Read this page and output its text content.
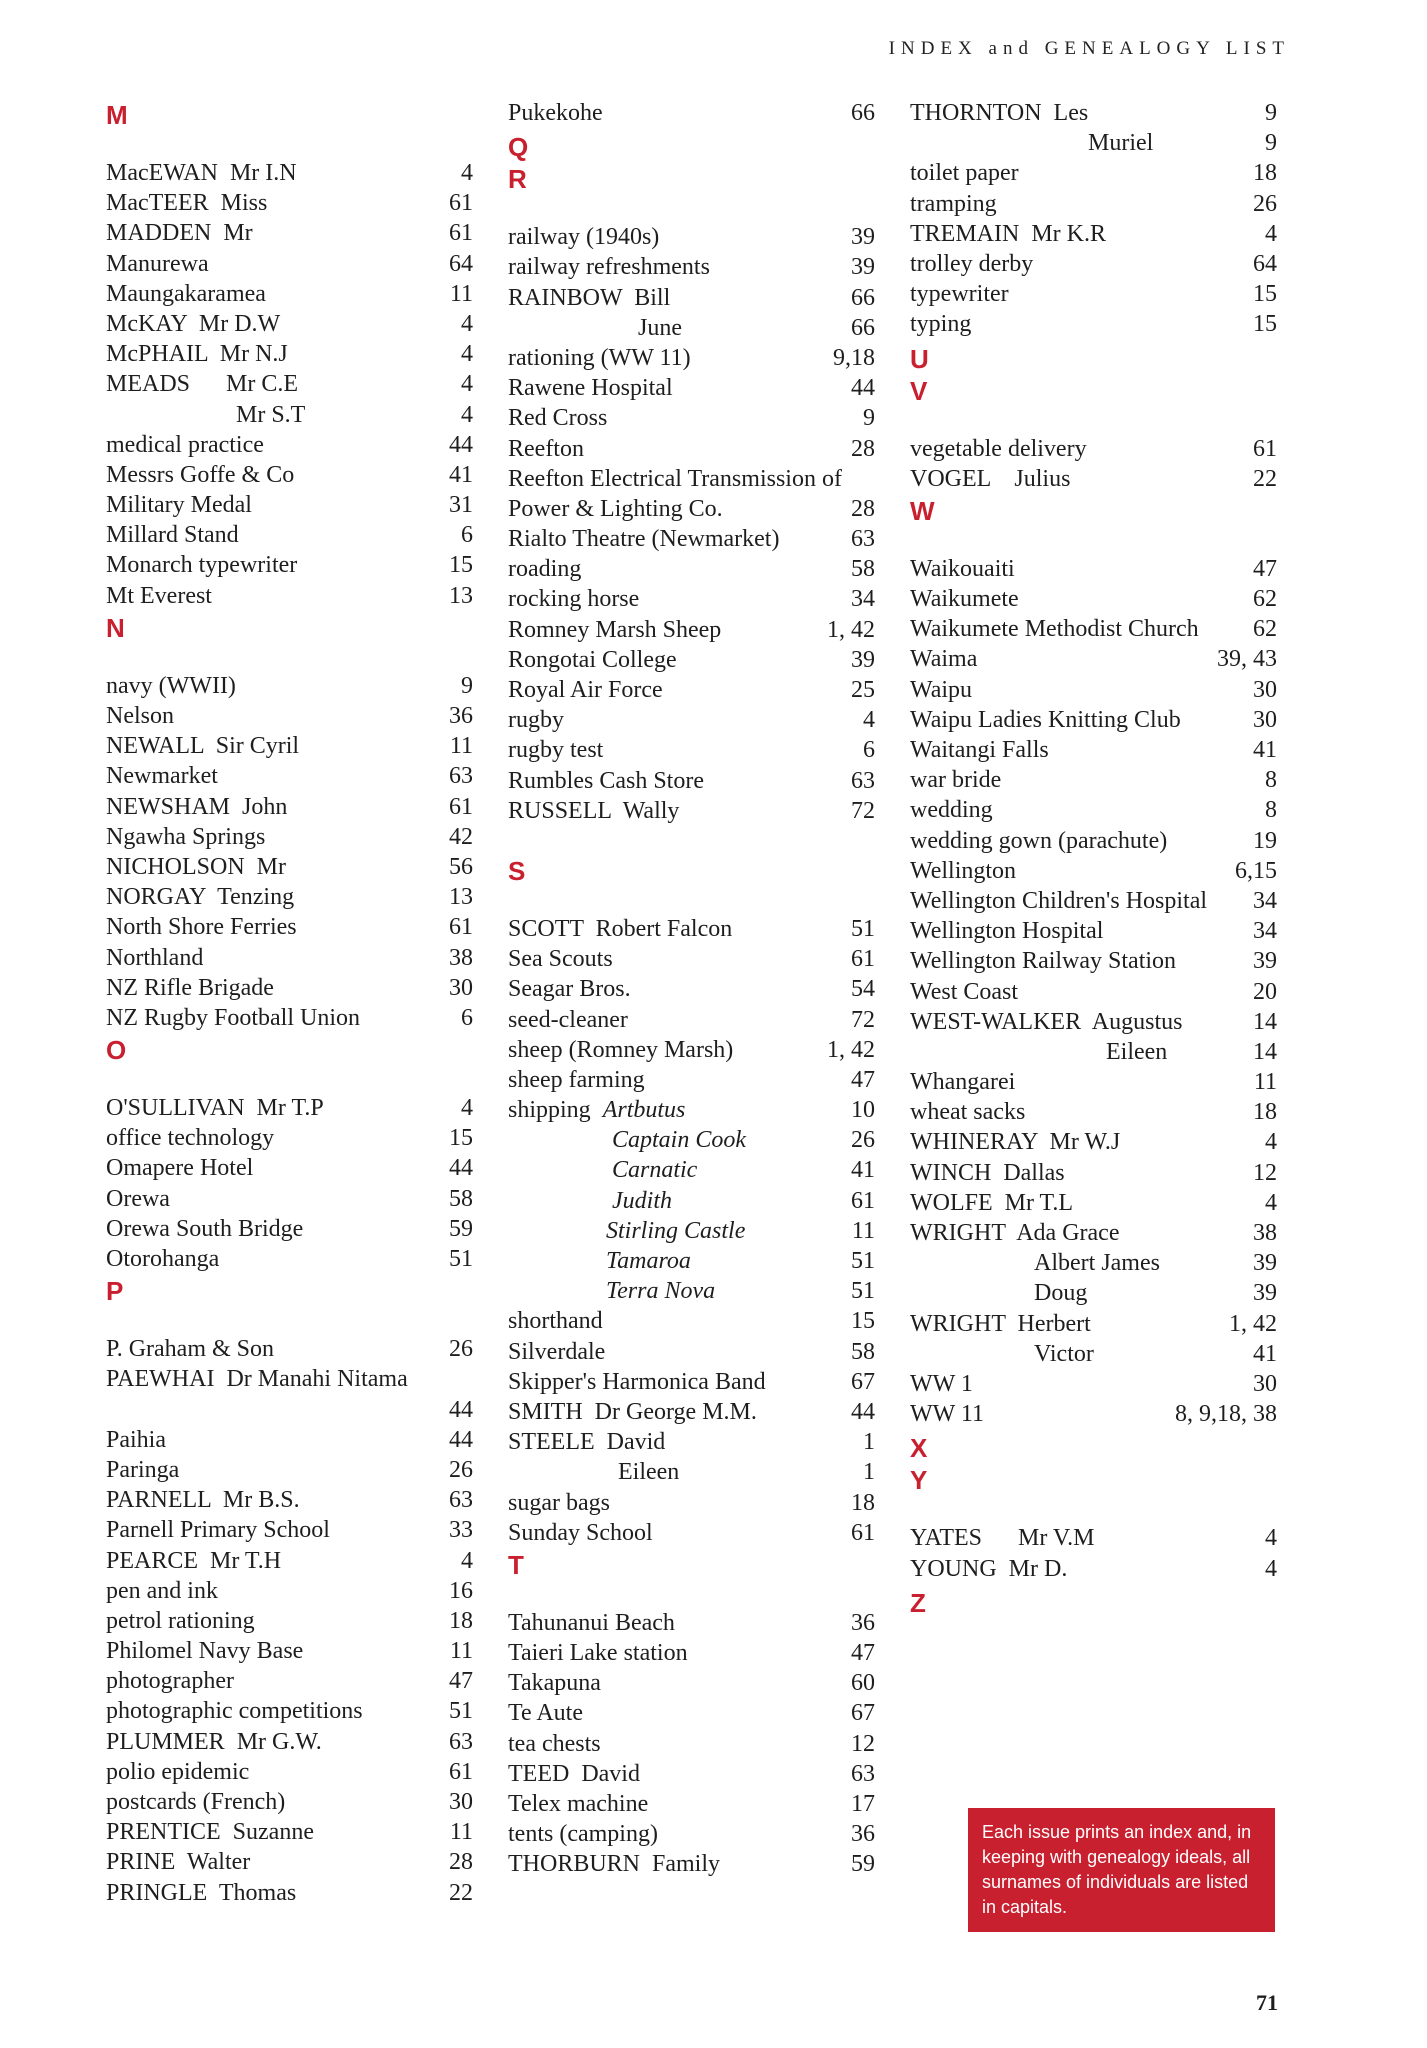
INDEX and GENEALOGY LIST
M
MacEWAN  Mr I.N	4
MacTEER  Miss	61
MADDEN  Mr	61
Manurewa	64
Maungakaramea	11
McKAY  Mr D.W	4
McPHAIL  Mr N.J	4
MEADS      Mr C.E	4
Mr S.T	4
medical practice	44
Messrs Goffe & Co	41
Military Medal	31
Millard Stand	6
Monarch typewriter	15
Mt Everest	13
N
navy (WWII)	9
Nelson	36
NEWALL  Sir Cyril	11
Newmarket	63
NEWSHAM  John	61
Ngawha Springs	42
NICHOLSON  Mr	56
NORGAY  Tenzing	13
North Shore Ferries	61
Northland	38
NZ Rifle Brigade	30
NZ Rugby Football Union	6
O
O'SULLIVAN  Mr T.P	4
office technology	15
Omapere Hotel	44
Orewa	58
Orewa South Bridge	59
Otorohanga	51
P
P. Graham & Son	26
PAEWHAI  Dr Manahi Nitama
44
Paihia	44
Paringa	26
PARNELL  Mr B.S.	63
Parnell Primary School	33
PEARCE  Mr T.H	4
pen and ink	16
petrol rationing	18
Philomel Navy Base	11
photographer	47
photographic competitions	51
PLUMMER  Mr G.W.	63
polio epidemic	61
postcards (French)	30
PRENTICE  Suzanne	11
PRINE  Walter	28
PRINGLE  Thomas	22
Pukekohe	66
Q
R
railway (1940s)	39
railway refreshments	39
RAINBOW  Bill	66
June	66
rationing (WW 11)	9,18
Rawene Hospital	44
Red Cross	9
Reefton	28
Reefton Electrical Transmission of
Power & Lighting Co.	28
Rialto Theatre (Newmarket)	63
roading	58
rocking horse	34
Romney Marsh Sheep	1, 42
Rongotai College	39
Royal Air Force	25
rugby	4
rugby test	6
Rumbles Cash Store	63
RUSSELL  Wally	72
S
SCOTT  Robert Falcon	51
Sea Scouts	61
Seagar Bros.	54
seed-cleaner	72
sheep (Romney Marsh)	1, 42
sheep farming	47
shipping  Artbutus	10
Captain Cook	26
Carnatic	41
Judith	61
Stirling Castle	11
Tamaroa	51
Terra Nova	51
shorthand	15
Silverdale	58
Skipper's Harmonica Band	67
SMITH  Dr George M.M.	44
STEELE  David	1
Eileen	1
sugar bags	18
Sunday School	61
T
Tahunanui Beach	36
Taieri Lake station	47
Takapuna	60
Te Aute	67
tea chests	12
TEED  David	63
Telex machine	17
tents (camping)	36
THORBURN  Family	59
THORNTON  Les	9
Muriel	9
toilet paper	18
tramping	26
TREMAIN  Mr K.R	4
trolley derby	64
typewriter	15
typing	15
U
V
vegetable delivery	61
VOGEL    Julius	22
W
Waikouaiti	47
Waikumete	62
Waikumete Methodist Church 62
Waima	39, 43
Waipu	30
Waipu Ladies Knitting Club	30
Waitangi Falls	41
war bride	8
wedding	8
wedding gown (parachute)	19
Wellington	6,15
Wellington Children's Hospital 34
Wellington Hospital	34
Wellington Railway Station	39
West Coast	20
WEST-WALKER  Augustus	14
Eileen	14
Whangarei	11
wheat sacks	18
WHINERAY  Mr W.J	4
WINCH  Dallas	12
WOLFE  Mr T.L	4
WRIGHT  Ada Grace	38
Albert James	39
Doug	39
WRIGHT  Herbert	1, 42
Victor	41
WW 1	30
WW 11	8, 9,18, 38
X
Y
YATES      Mr V.M	4
YOUNG  Mr D.	4
Z
Each issue prints an index and, in keeping with genealogy ideals, all surnames of individuals are listed in capitals.
71
